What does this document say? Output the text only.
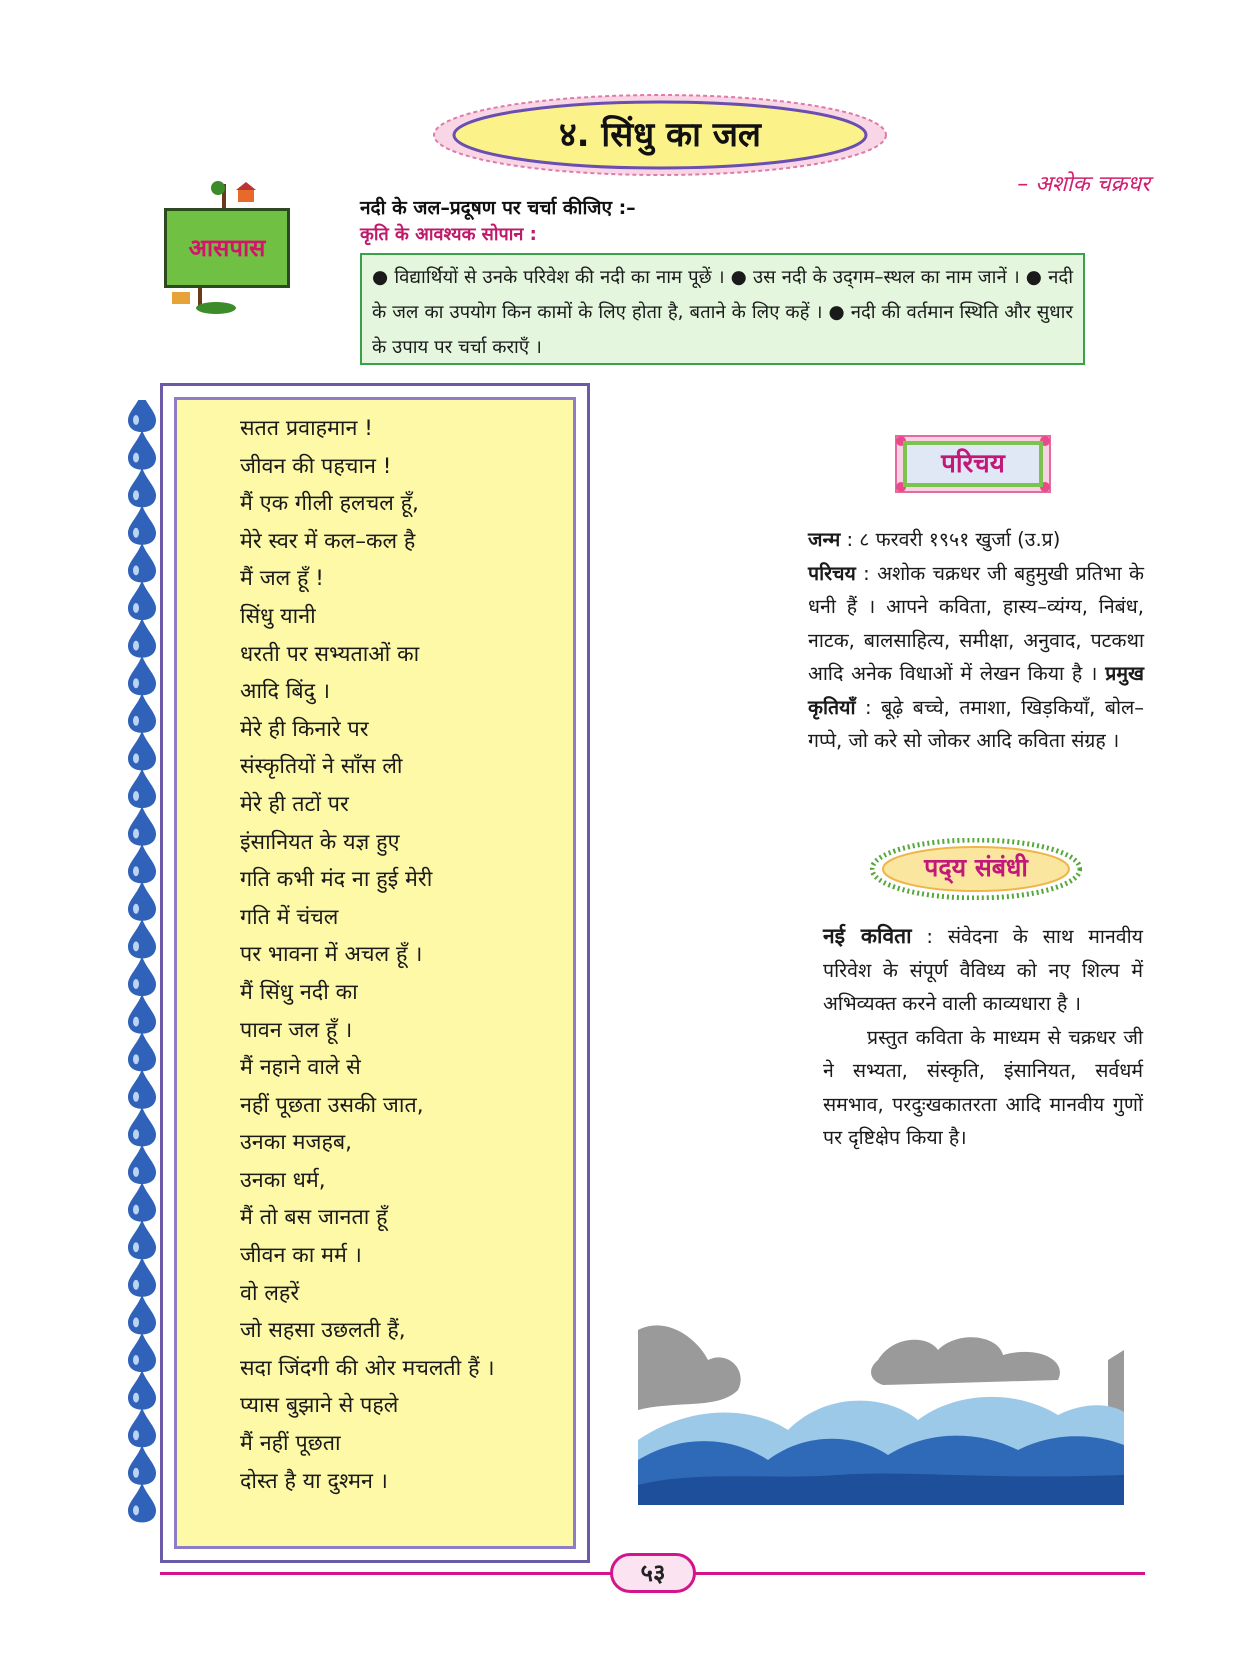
४. सिंधु का जल
– अशोक चक्रधर
आसपास
नदी के जल–प्रदूषण पर चर्चा कीजिए :–
कृति के आवश्यक सोपान :
● विद्यार्थियों से उनके परिवेश की नदी का नाम पूछें । ● उस नदी के उद्‌गम–स्थल का नाम जानें । ● नदी के जल का उपयोग किन कामों के लिए होता है, बताने के लिए कहें । ● नदी की वर्तमान स्थिति और सुधार के उपाय पर चर्चा कराएँ ।
सतत प्रवाहमान !
जीवन की पहचान !
मैं एक गीली हलचल हूँ,
मेरे स्वर में कल–कल है
मैं जल हूँ !
सिंधु यानी
धरती पर सभ्यताओं का
आदि बिंदु ।
मेरे ही किनारे पर
संस्कृतियों ने साँस ली
मेरे ही तटों पर
इंसानियत के यज्ञ हुए
गति कभी मंद ना हुई मेरी
गति में चंचल
पर भावना में अचल हूँ ।
मैं सिंधु नदी का
पावन जल हूँ ।
मैं नहाने वाले से
नहीं पूछता उसकी जात,
उनका मजहब,
उनका धर्म,
मैं तो बस जानता हूँ
जीवन का मर्म ।
वो लहरें
जो सहसा उछलती हैं,
सदा जिंदगी की ओर मचलती हैं ।
प्यास बुझाने से पहले
मैं नहीं पूछता
दोस्त है या दुश्मन ।
परिचय
जन्म : ८ फरवरी १९५१ खुर्जा (उ.प्र)
परिचय : अशोक चक्रधर जी बहुमुखी प्रतिभा के धनी हैं । आपने कविता, हास्य–व्यंग्य, निबंध, नाटक, बालसाहित्य, समीक्षा, अनुवाद, पटकथा आदि अनेक विधाओं में लेखन किया है । प्रमुख कृतियाँ : बूढ़े बच्चे, तमाशा, खिड़कियाँ, बोल–गप्पे, जो करे सो जोकर आदि कविता संग्रह ।
पद्‍य संबंधी
नई कविता : संवेदना के साथ मानवीय परिवेश के संपूर्ण वैविध्य को नए शिल्प में अभिव्यक्त करने वाली काव्यधारा है ।
प्रस्तुत कविता के माध्यम से चक्रधर जी ने सभ्यता, संस्कृति, इंसानियत, सर्वधर्म समभाव, परदुःखकातरता आदि मानवीय गुणों पर दृष्टिक्षेप किया है।
५३
